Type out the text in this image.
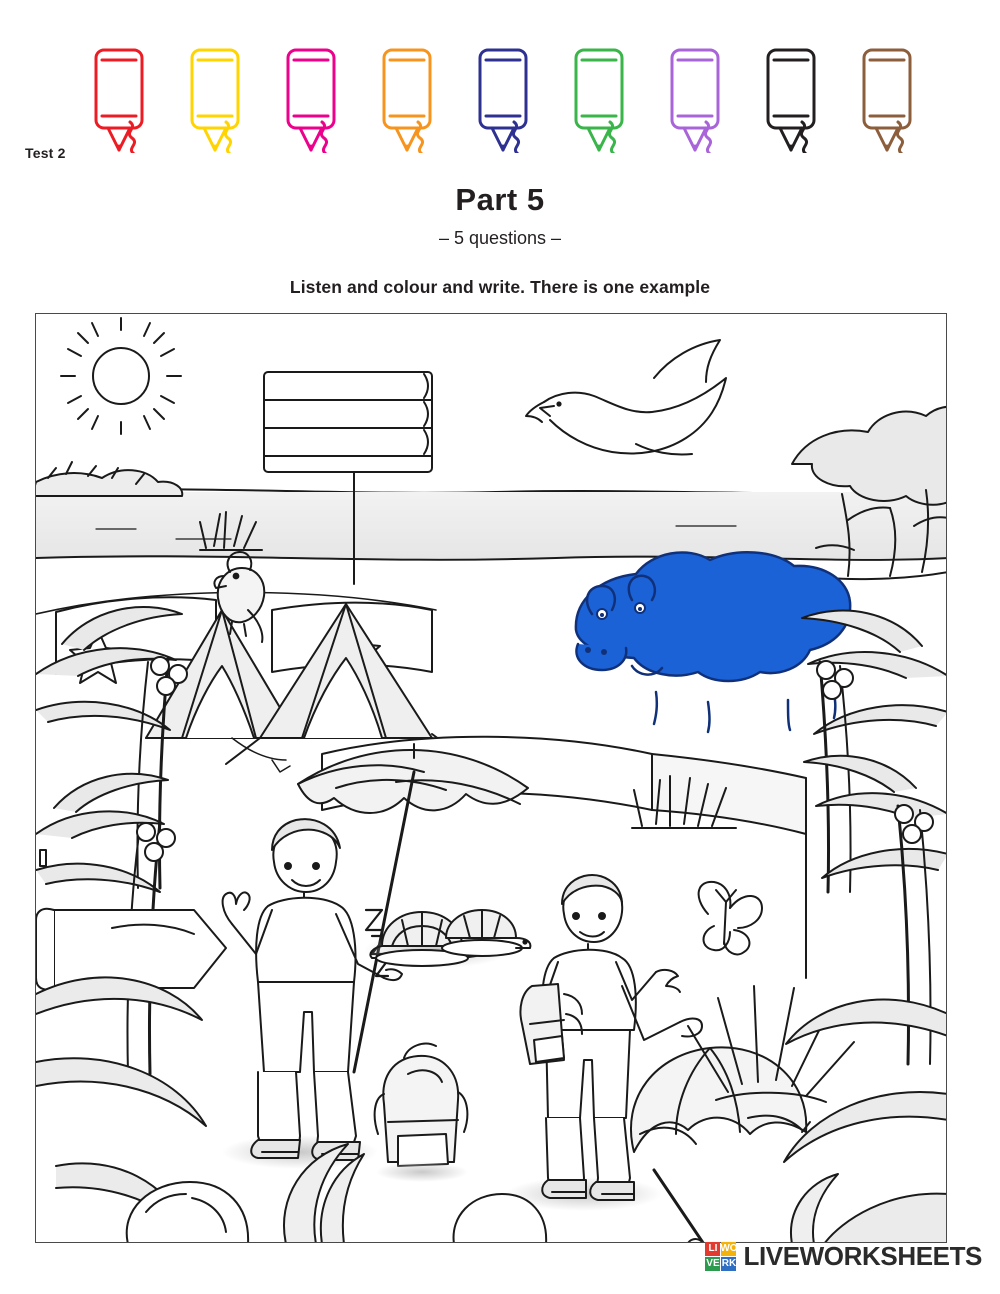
Test 2
Part 5
– 5 questions –
Listen and colour and write. There is one example
LI WO
VE RK LIVEWORKSHEETS
